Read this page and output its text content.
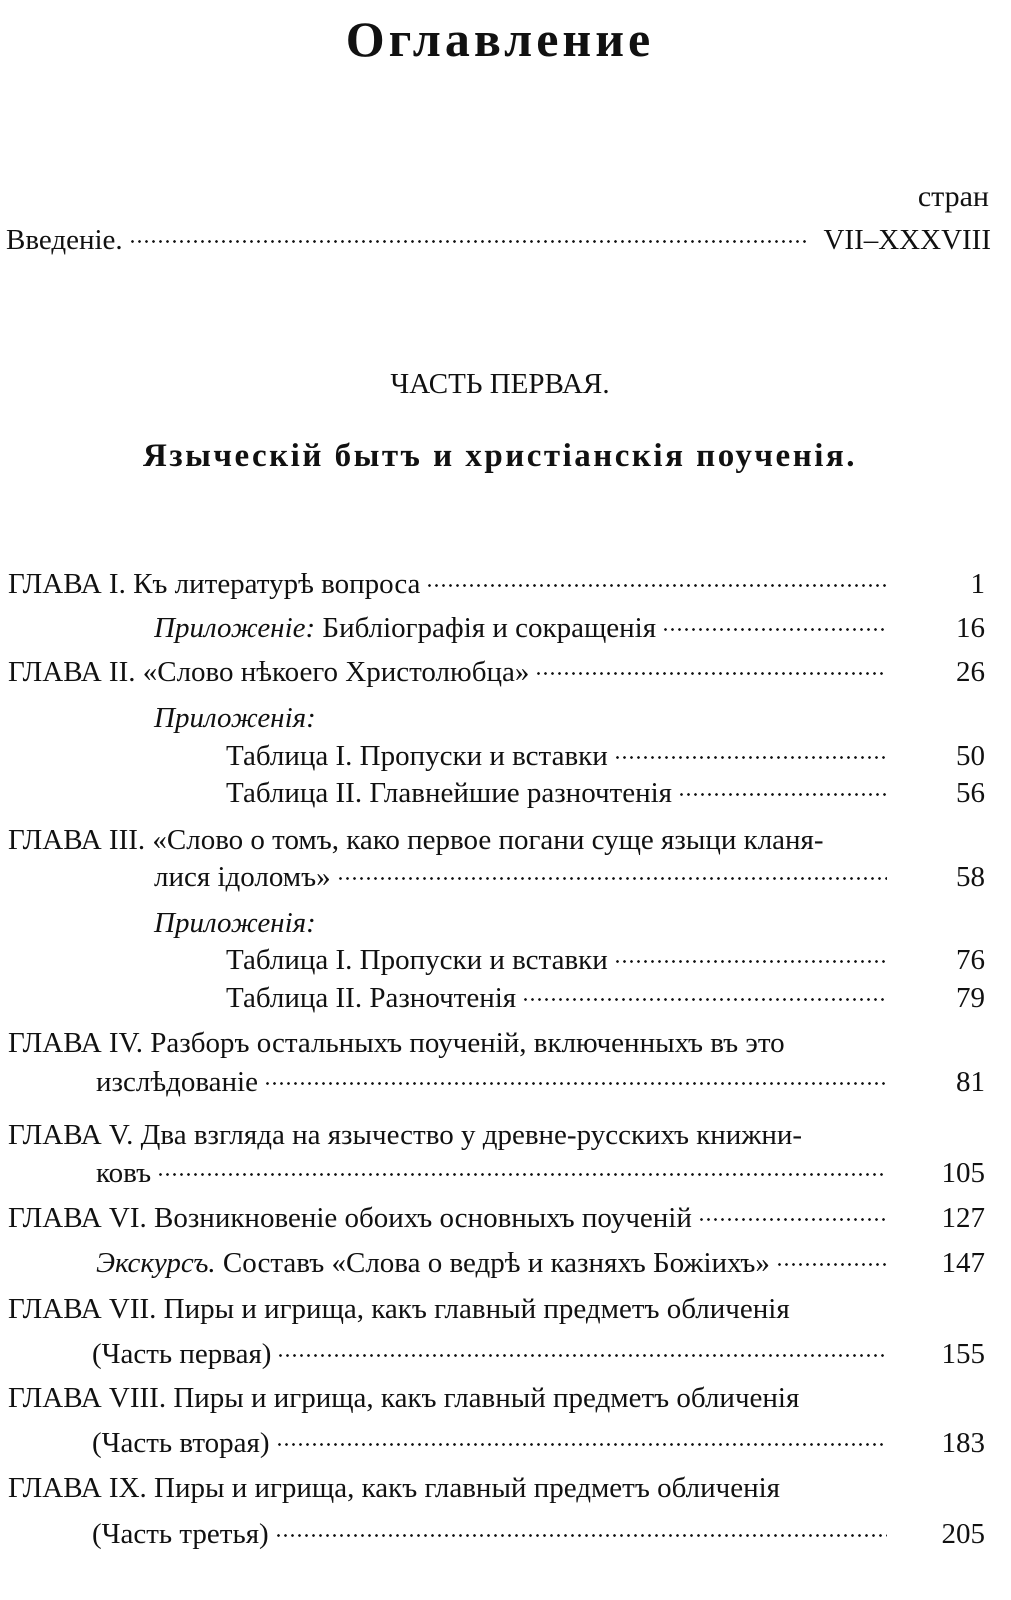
Оглавление
стран
Введеніе.	VII–XXXVIII
ЧАСТЬ ПЕРВАЯ.
Языческій бытъ и христіанскія поученія.
ГЛАВА I. Къ литературѣ вопроса	1
Приложеніе: Библіографія и сокращенія	16
ГЛАВА II. «Слово нѣкоего Христолюбца»	26
Приложенія:
Таблица I. Пропуски и вставки	50
Таблица II. Главнейшие разночтенія	56
ГЛАВА III. «Слово о томъ, како первое погани суще языци кланя-
лися ідоломъ»	58
Приложенія:
Таблица I. Пропуски и вставки	76
Таблица II. Разночтенія	79
ГЛАВА IV. Разборъ остальныхъ поученій, включенныхъ въ это
изслѣдованіе	81
ГЛАВА V. Два взгляда на язычество у древне-русскихъ книжни-
ковъ	105
ГЛАВА VI. Возникновеніе обоихъ основныхъ поученій	127
Экскурсъ. Составъ «Слова о ведрѣ и казняхъ Божіихъ»	147
ГЛАВА VII. Пиры и игрища, какъ главный предметъ обличенія
(Часть первая)	155
ГЛАВА VIII. Пиры и игрища, какъ главный предметъ обличенія
(Часть вторая)	183
ГЛАВА IX. Пиры и игрища, какъ главный предметъ обличенія
(Часть третья)	205
